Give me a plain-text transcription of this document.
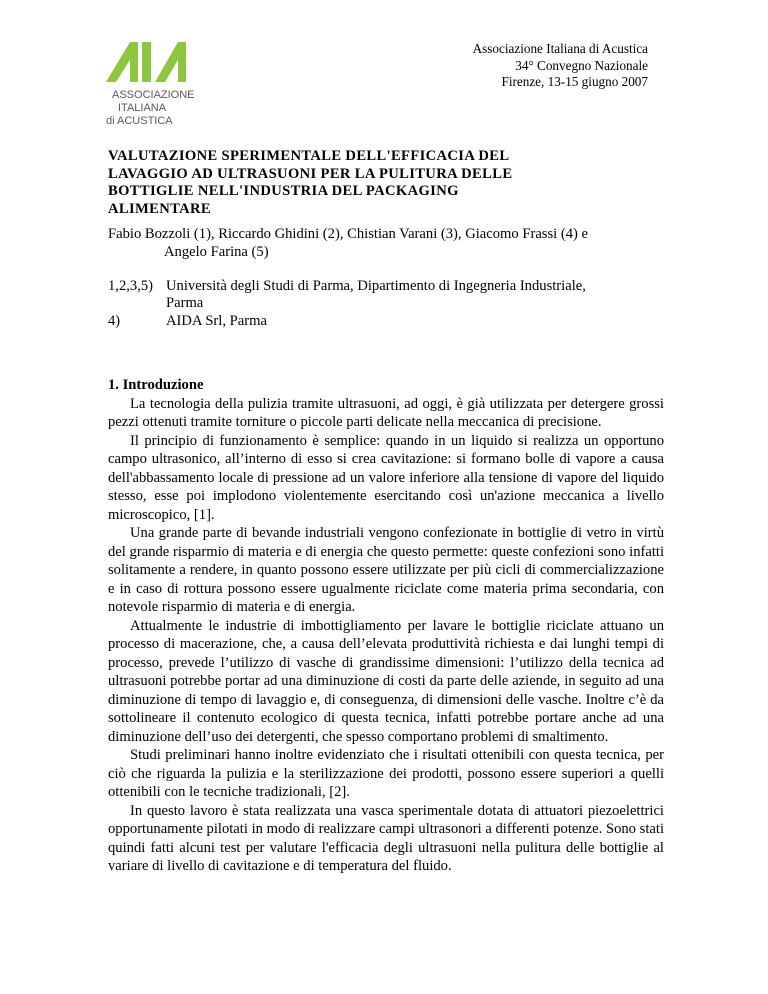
ASSOCIAZIONE
ITALIANA
di ACUSTICA
Associazione Italiana di Acustica
34° Convegno Nazionale
Firenze, 13-15 giugno 2007
VALUTAZIONE SPERIMENTALE DELL'EFFICACIA DEL
LAVAGGIO AD ULTRASUONI PER LA PULITURA DELLE
BOTTIGLIE NELL'INDUSTRIA DEL PACKAGING
ALIMENTARE
Fabio Bozzoli (1), Riccardo Ghidini (2), Chistian Varani (3), Giacomo Frassi (4) e
Angelo Farina (5)
1,2,3,5) Università degli Studi di Parma, Dipartimento di Ingegneria Industriale,
Parma
4)	AIDA Srl, Parma
1. Introduzione

La tecnologia della pulizia tramite ultrasuoni, ad oggi, è già utilizzata per detergere grossi pezzi ottenuti tramite torniture o piccole parti delicate nella meccanica di precisione.

Il principio di funzionamento è semplice: quando in un liquido si realizza un opportuno campo ultrasonico, all’interno di esso si crea cavitazione: si formano bolle di vapore a causa dell'abbassamento locale di pressione ad un valore inferiore alla tensione di vapore del liquido stesso, esse poi implodono violentemente esercitando così un'azione meccanica a livello microscopico, [1].

Una grande parte di bevande industriali vengono confezionate in bottiglie di vetro in virtù del grande risparmio di materia e di energia che questo permette: queste confezioni sono infatti solitamente a rendere, in quanto possono essere utilizzate per più cicli di commercializzazione e in caso di rottura possono essere ugualmente riciclate come materia prima secondaria, con notevole risparmio di materia e di energia.

Attualmente le industrie di imbottigliamento per lavare le bottiglie riciclate attuano un processo di macerazione, che, a causa dell’elevata produttività richiesta e dai lunghi tempi di processo, prevede l’utilizzo di vasche di grandissime dimensioni: l’utilizzo della tecnica ad ultrasuoni potrebbe portar ad una diminuzione di costi da parte delle aziende, in seguito ad una diminuzione di tempo di lavaggio e, di conseguenza, di dimensioni delle vasche. Inoltre c’è da sottolineare il contenuto ecologico di questa tecnica, infatti potrebbe portare anche ad una diminuzione dell’uso dei detergenti, che spesso comportano problemi di smaltimento.

Studi preliminari hanno inoltre evidenziato che i risultati ottenibili con questa tecnica, per ciò che riguarda la pulizia e la sterilizzazione dei prodotti, possono essere superiori a quelli ottenibili con le tecniche tradizionali, [2].

In questo lavoro è stata realizzata una vasca sperimentale dotata di attuatori piezoelettrici opportunamente pilotati in modo di realizzare campi ultrasonori a differenti potenze. Sono stati quindi fatti alcuni test per valutare l'efficacia degli ultrasuoni nella pulitura delle bottiglie al variare di livello di cavitazione e di temperatura del fluido.
